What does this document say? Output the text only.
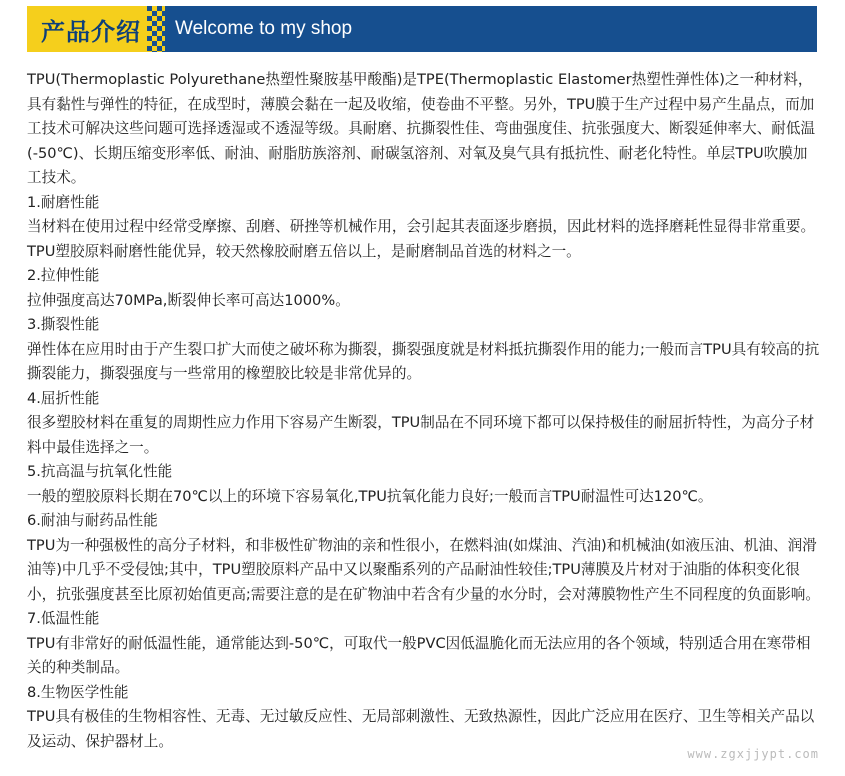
产品介绍	Welcome to my shop

TPU(Thermoplastic Polyurethane热塑性聚胺基甲酸酯)是TPE(Thermoplastic Elastomer热塑性弹性体)之一种材料，具有黏性与弹性的特征，在成型时，薄膜会黏在一起及收缩，使卷曲不平整。另外，TPU膜于生产过程中易产生晶点，而加工技术可解决这些问题可选择透湿或不透湿等级。具耐磨、抗撕裂性佳、弯曲强度佳、抗张强度大、断裂延伸率大、耐低温(-50℃)、长期压缩变形率低、耐油、耐脂肪族溶剂、耐碳氢溶剂、对氧及臭气具有抵抗性、耐老化特性。单层TPU吹膜加工技术。

1.耐磨性能

当材料在使用过程中经常受摩擦、刮磨、研挫等机械作用，会引起其表面逐步磨损，因此材料的选择磨耗性显得非常重要。TPU塑胶原料耐磨性能优异，较天然橡胶耐磨五倍以上，是耐磨制品首选的材料之一。

2.拉伸性能

拉伸强度高达70MPa,断裂伸长率可高达1000%。

3.撕裂性能

弹性体在应用时由于产生裂口扩大而使之破坏称为撕裂，撕裂强度就是材料抵抗撕裂作用的能力;一般而言TPU具有较高的抗撕裂能力，撕裂强度与一些常用的橡塑胶比较是非常优异的。

4.屈折性能

很多塑胶材料在重复的周期性应力作用下容易产生断裂，TPU制品在不同环境下都可以保持极佳的耐屈折特性，为高分子材料中最佳选择之一。

5.抗高温与抗氧化性能

一般的塑胶原料长期在70℃以上的环境下容易氧化,TPU抗氧化能力良好;一般而言TPU耐温性可达120℃。

6.耐油与耐药品性能

TPU为一种强极性的高分子材料，和非极性矿物油的亲和性很小，在燃料油(如煤油、汽油)和机械油(如液压油、机油、润滑油等)中几乎不受侵蚀;其中，TPU塑胶原料产品中又以聚酯系列的产品耐油性较佳;TPU薄膜及片材对于油脂的体积变化很小，抗张强度甚至比原初始值更高;需要注意的是在矿物油中若含有少量的水分时，会对薄膜物性产生不同程度的负面影响。

7.低温性能

TPU有非常好的耐低温性能，通常能达到-50℃，可取代一般PVC因低温脆化而无法应用的各个领域，特别适合用在寒带相关的种类制品。

8.生物医学性能

TPU具有极佳的生物相容性、无毒、无过敏反应性、无局部刺激性、无致热源性，因此广泛应用在医疗、卫生等相关产品以及运动、保护器材上。

www.zgxjjypt.com
